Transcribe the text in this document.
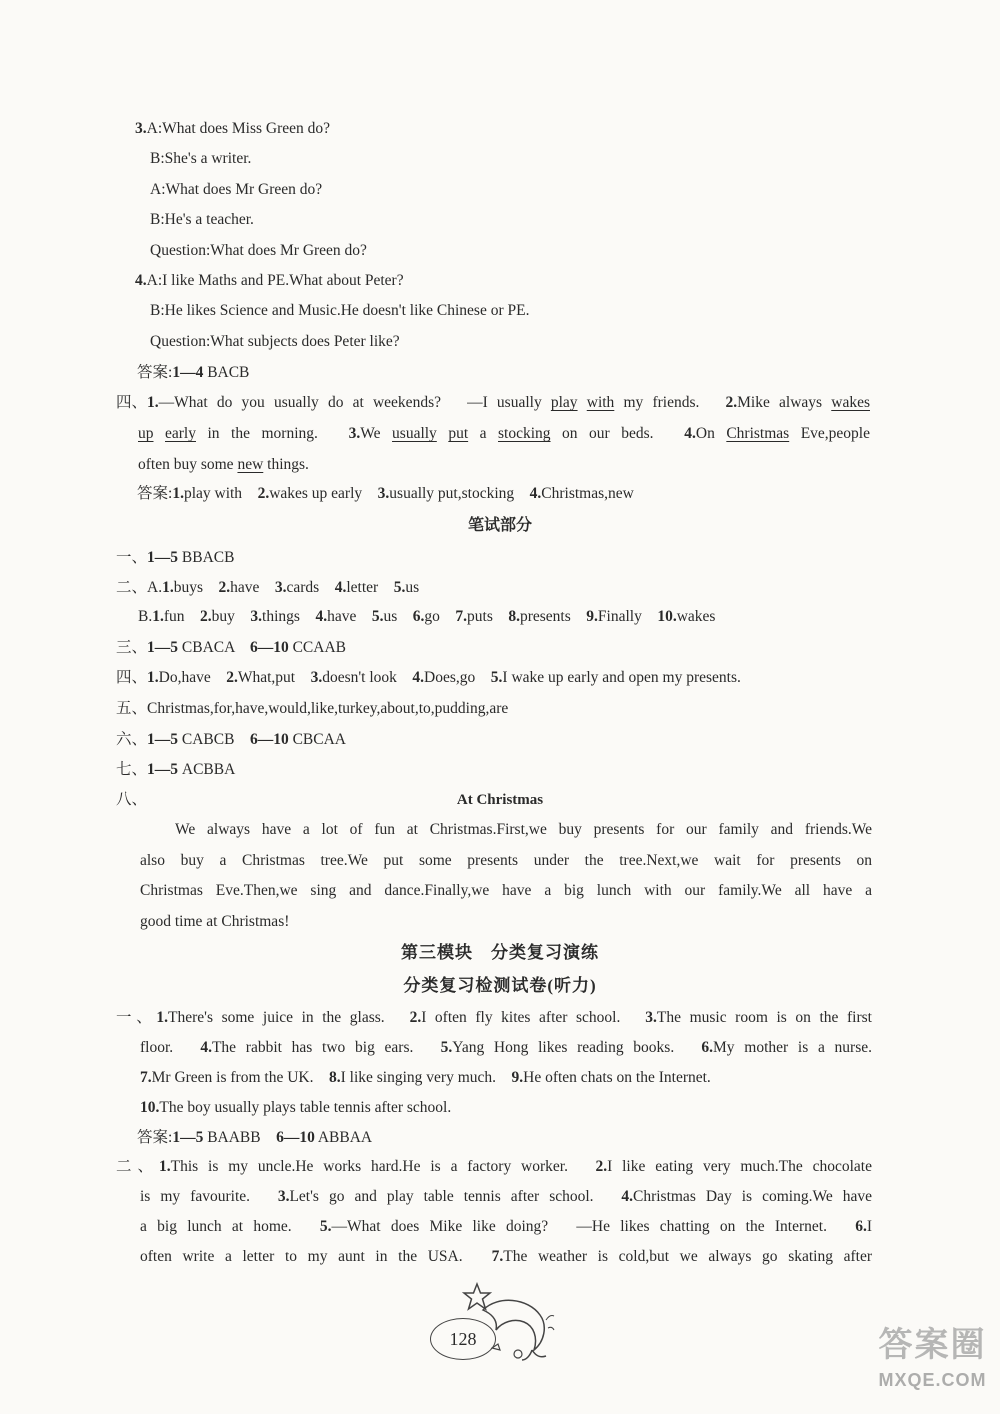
3.A:What does Miss Green do?
B:She's a writer.
A:What does Mr Green do?
B:He's a teacher.
Question:What does Mr Green do?
4.A:I like Maths and PE.What about Peter?
B:He likes Science and Music.He doesn't like Chinese or PE.
Question:What subjects does Peter like?
答案:1—4 BACB
四、 1.—What do you usually do at weekends?　—I usually play with my friends.　2.Mike always wakes
up early in the morning.　3.We usually put a stocking on our beds.　4.On Christmas Eve,people
often buy some new things.
答案:1.play with　2.wakes up early　3.usually put,stocking　4.Christmas,new
笔试部分
一、1—5 BBACB
二、A.1.buys　2.have　3.cards　4.letter　5.us
B.1.fun　2.buy　3.things　4.have　5.us　6.go　7.puts　8.presents　9.Finally　10.wakes
三、1—5 CBACA　6—10 CCAAB
四、1.Do,have　2.What,put　3.doesn't look　4.Does,go　5.I wake up early and open my presents.
五、Christmas,for,have,would,like,turkey,about,to,pudding,are
六、1—5 CABCB　6—10 CBCAA
七、1—5 ACBBA
八、	At Christmas
We always have a lot of fun at Christmas.First,we buy presents for our family and friends.We
also buy a Christmas tree.We put some presents under the tree.Next,we wait for presents on
Christmas Eve.Then,we sing and dance.Finally,we have a big lunch with our family.We all have a
good time at Christmas!
第三模块　分类复习演练
分类复习检测试卷(听力)
一、1.There's some juice in the glass.　2.I often fly kites after school.　3.The music room is on the first
floor.　4.The rabbit has two big ears.　5.Yang Hong likes reading books.　6.My mother is a nurse.
7.Mr Green is from the UK.　8.I like singing very much.　9.He often chats on the Internet.
10.The boy usually plays table tennis after school.
答案:1—5 BAABB　6—10 ABBAA
二、1.This is my uncle.He works hard.He is a factory worker.　2.I like eating very much.The chocolate
is my favourite.　3.Let's go and play table tennis after school.　4.Christmas Day is coming.We have
a big lunch at home.　5.—What does Mike like doing?　—He likes chatting on the Internet.　6.I
often write a letter to my aunt in the USA.　7.The weather is cold,but we always go skating after
128	答案圈
MXQE.COM
